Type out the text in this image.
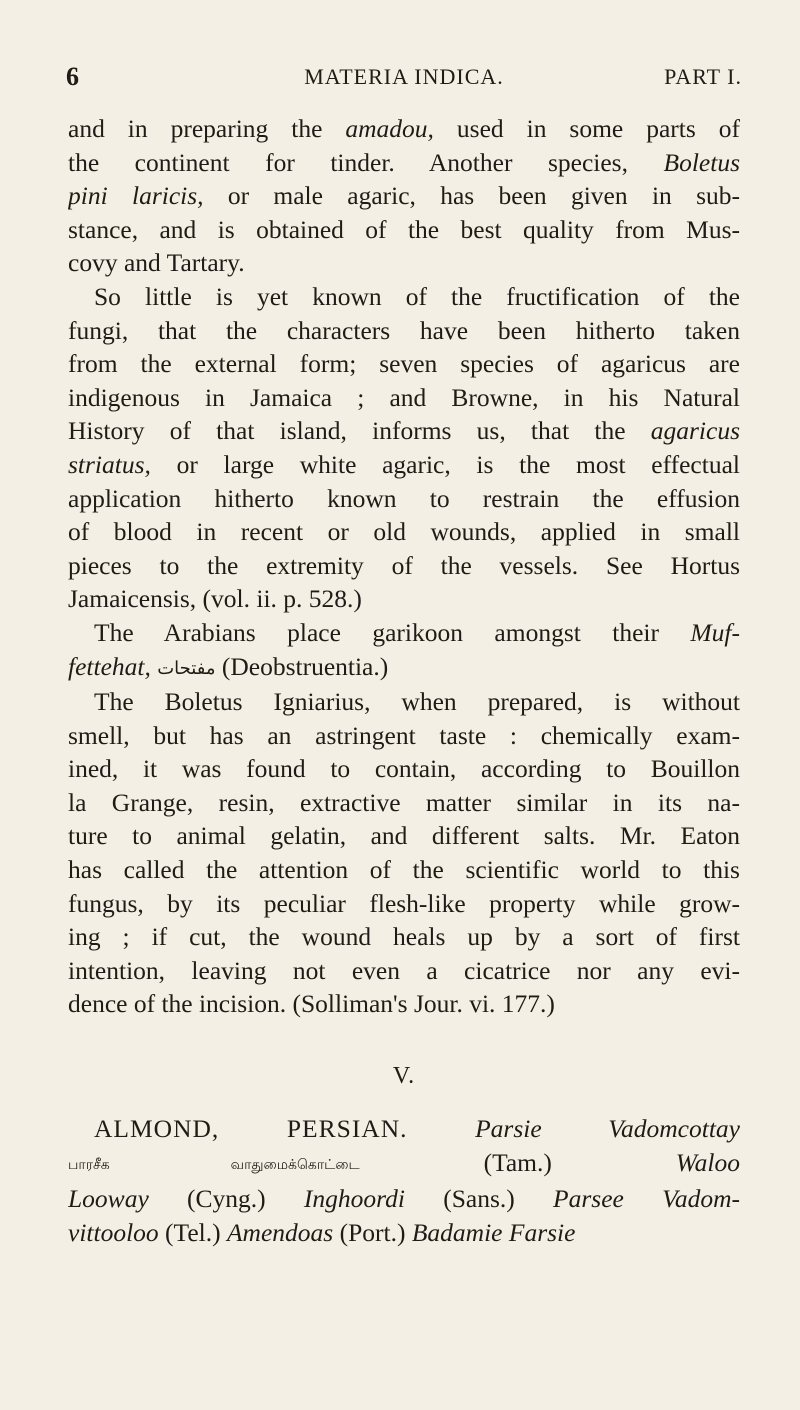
6	MATERIA INDICA.	PART I.
and in preparing the amadou, used in some parts of
the continent for tinder. Another species, Boletus
pini laricis, or male agaric, has been given in sub-
stance, and is obtained of the best quality from Mus-
covy and Tartary.
So little is yet known of the fructification of the
fungi, that the characters have been hitherto taken
from the external form; seven species of agaricus are
indigenous in Jamaica ; and Browne, in his Natural
History of that island, informs us, that the agaricus
striatus, or large white agaric, is the most effectual
application hitherto known to restrain the effusion
of blood in recent or old wounds, applied in small
pieces to the extremity of the vessels. See Hortus
Jamaicensis, (vol. ii. p. 528.)
The Arabians place garikoon amongst their Muf-
fettehat, مفتحات (Deobstruentia.)
The Boletus Igniarius, when prepared, is without
smell, but has an astringent taste : chemically exam-
ined, it was found to contain, according to Bouillon
la Grange, resin, extractive matter similar in its na-
ture to animal gelatin, and different salts. Mr. Eaton
has called the attention of the scientific world to this
fungus, by its peculiar flesh-like property while grow-
ing ; if cut, the wound heals up by a sort of first
intention, leaving not even a cicatrice nor any evi-
dence of the incision. (Solliman's Jour. vi. 177.)
V.
ALMOND, PERSIAN. Parsie Vadomcottay
பாரசீக வாதுமைக்கொட்டை (Tam.) Waloo
Looway (Cyng.) Inghoordi (Sans.) Parsee Vadom-
vittooloo (Tel.) Amendoas (Port.) Badamie Farsie
